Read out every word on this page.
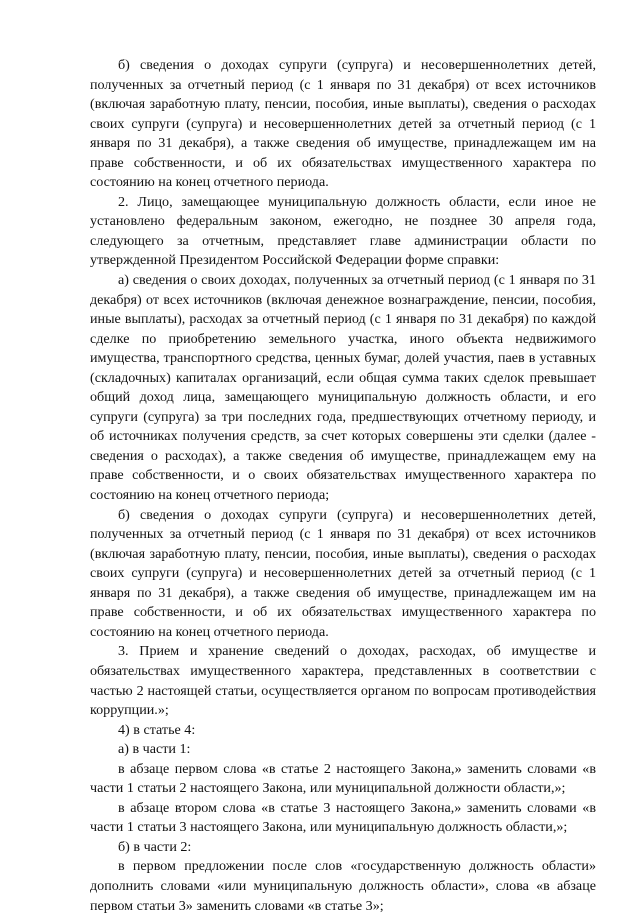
б) сведения о доходах супруги (супруга) и несовершеннолетних детей, полученных за отчетный период (с 1 января по 31 декабря) от всех источников (включая заработную плату, пенсии, пособия, иные выплаты), сведения о расходах своих супруги (супруга) и несовершеннолетних детей за отчетный период (с 1 января по 31 декабря), а также сведения об имуществе, принадлежащем им на праве собственности, и об их обязательствах имущественного характера по состоянию на конец отчетного периода.

2. Лицо, замещающее муниципальную должность области, если иное не установлено федеральным законом, ежегодно, не позднее 30 апреля года, следующего за отчетным, представляет главе администрации области по утвержденной Президентом Российской Федерации форме справки:

а) сведения о своих доходах, полученных за отчетный период (с 1 января по 31 декабря) от всех источников (включая денежное вознаграждение, пенсии, пособия, иные выплаты), расходах за отчетный период (с 1 января по 31 декабря) по каждой сделке по приобретению земельного участка, иного объекта недвижимого имущества, транспортного средства, ценных бумаг, долей участия, паев в уставных (складочных) капиталах организаций, если общая сумма таких сделок превышает общий доход лица, замещающего муниципальную должность области, и его супруги (супруга) за три последних года, предшествующих отчетному периоду, и об источниках получения средств, за счет которых совершены эти сделки (далее - сведения о расходах), а также сведения об имуществе, принадлежащем ему на праве собственности, и о своих обязательствах имущественного характера по состоянию на конец отчетного периода;

б) сведения о доходах супруги (супруга) и несовершеннолетних детей, полученных за отчетный период (с 1 января по 31 декабря) от всех источников (включая заработную плату, пенсии, пособия, иные выплаты), сведения о расходах своих супруги (супруга) и несовершеннолетних детей за отчетный период (с 1 января по 31 декабря), а также сведения об имуществе, принадлежащем им на праве собственности, и об их обязательствах имущественного характера по состоянию на конец отчетного периода.

3. Прием и хранение сведений о доходах, расходах, об имуществе и обязательствах имущественного характера, представленных в соответствии с частью 2 настоящей статьи, осуществляется органом по вопросам противодействия коррупции.»;

4) в статье 4:

а) в части 1:

в абзаце первом слова «в статье 2 настоящего Закона,» заменить словами «в части 1 статьи 2 настоящего Закона, или муниципальной должности области,»;

в абзаце втором слова «в статье 3 настоящего Закона,» заменить словами «в части 1 статьи 3 настоящего Закона, или муниципальную должность области,»;

б) в части 2:

в первом предложении после слов «государственную должность области» дополнить словами «или муниципальную должность области», слова «в абзаце первом статьи 3» заменить словами «в статье 3»;
